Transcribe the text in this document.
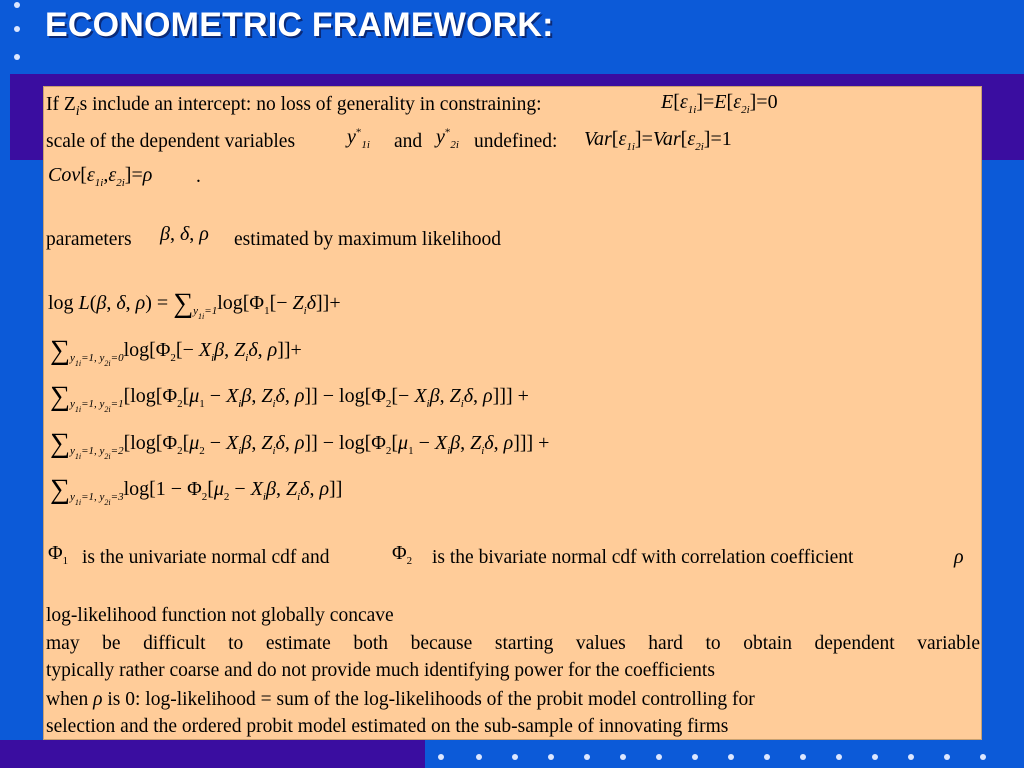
ECONOMETRIC FRAMEWORK:
If $Z_is$ include an intercept: no loss of generality in constraining:	$E[\varepsilon_{1i}]=E[\varepsilon_{2i}]=0$
scale of the dependent variables	$y^*_{1i}$ and $y^*_{2i}$ undefined: $Var[\varepsilon_{1i}]=Var[\varepsilon_{2i}]=1$
$Cov[\varepsilon_{1i},\varepsilon_{2i}]=\rho$ .
parameters β, δ, ρ estimated by maximum likelihood
log L(β, δ, $\rho) = \sum_{y_{1i}=1}\log[\Phi_1[- Z_i\delta]]+$
$\sum_{y_{1i}=1, y_{2i}=0}\log[\Phi_2[- X_i\beta$, $Z_i\delta$, ρ]]+
$\sum_{y_{1i}=1, y_{2i}=1}[\log[\Phi_2[\mu_1 - X_i\beta$, $Z_i\delta$, $\rho]] - \log[\Phi_2[- X_i\beta$, $Z_i\delta$, ρ]]] +
$\sum_{y_{1i}=1, y_{2i}=2}[\log[\Phi_2[\mu_2 - X_i\beta$, $Z_i\delta$, $\rho]] - \log[\Phi_2[\mu_1 - X_i\beta$, $Z_i\delta$, ρ]]] +
$\sum_{y_{1i}=1, y_{2i}=3}\log[1 - \Phi_2[\mu_2 - X_i\beta$, $Z_i\delta$, ρ]]
$\Phi_1$ is the univariate normal cdf and	$\Phi_2$ is the bivariate normal cdf with correlation coefficient	ρ
log-likelihood function not globally concave
may be difficult to estimate both because starting values hard to obtain dependent variable
typically rather coarse and do not provide much identifying power for the coefficients
when ρ is 0: log-likelihood = sum of the log-likelihoods of the probit model controlling for
selection and the ordered probit model estimated on the sub-sample of innovating firms
